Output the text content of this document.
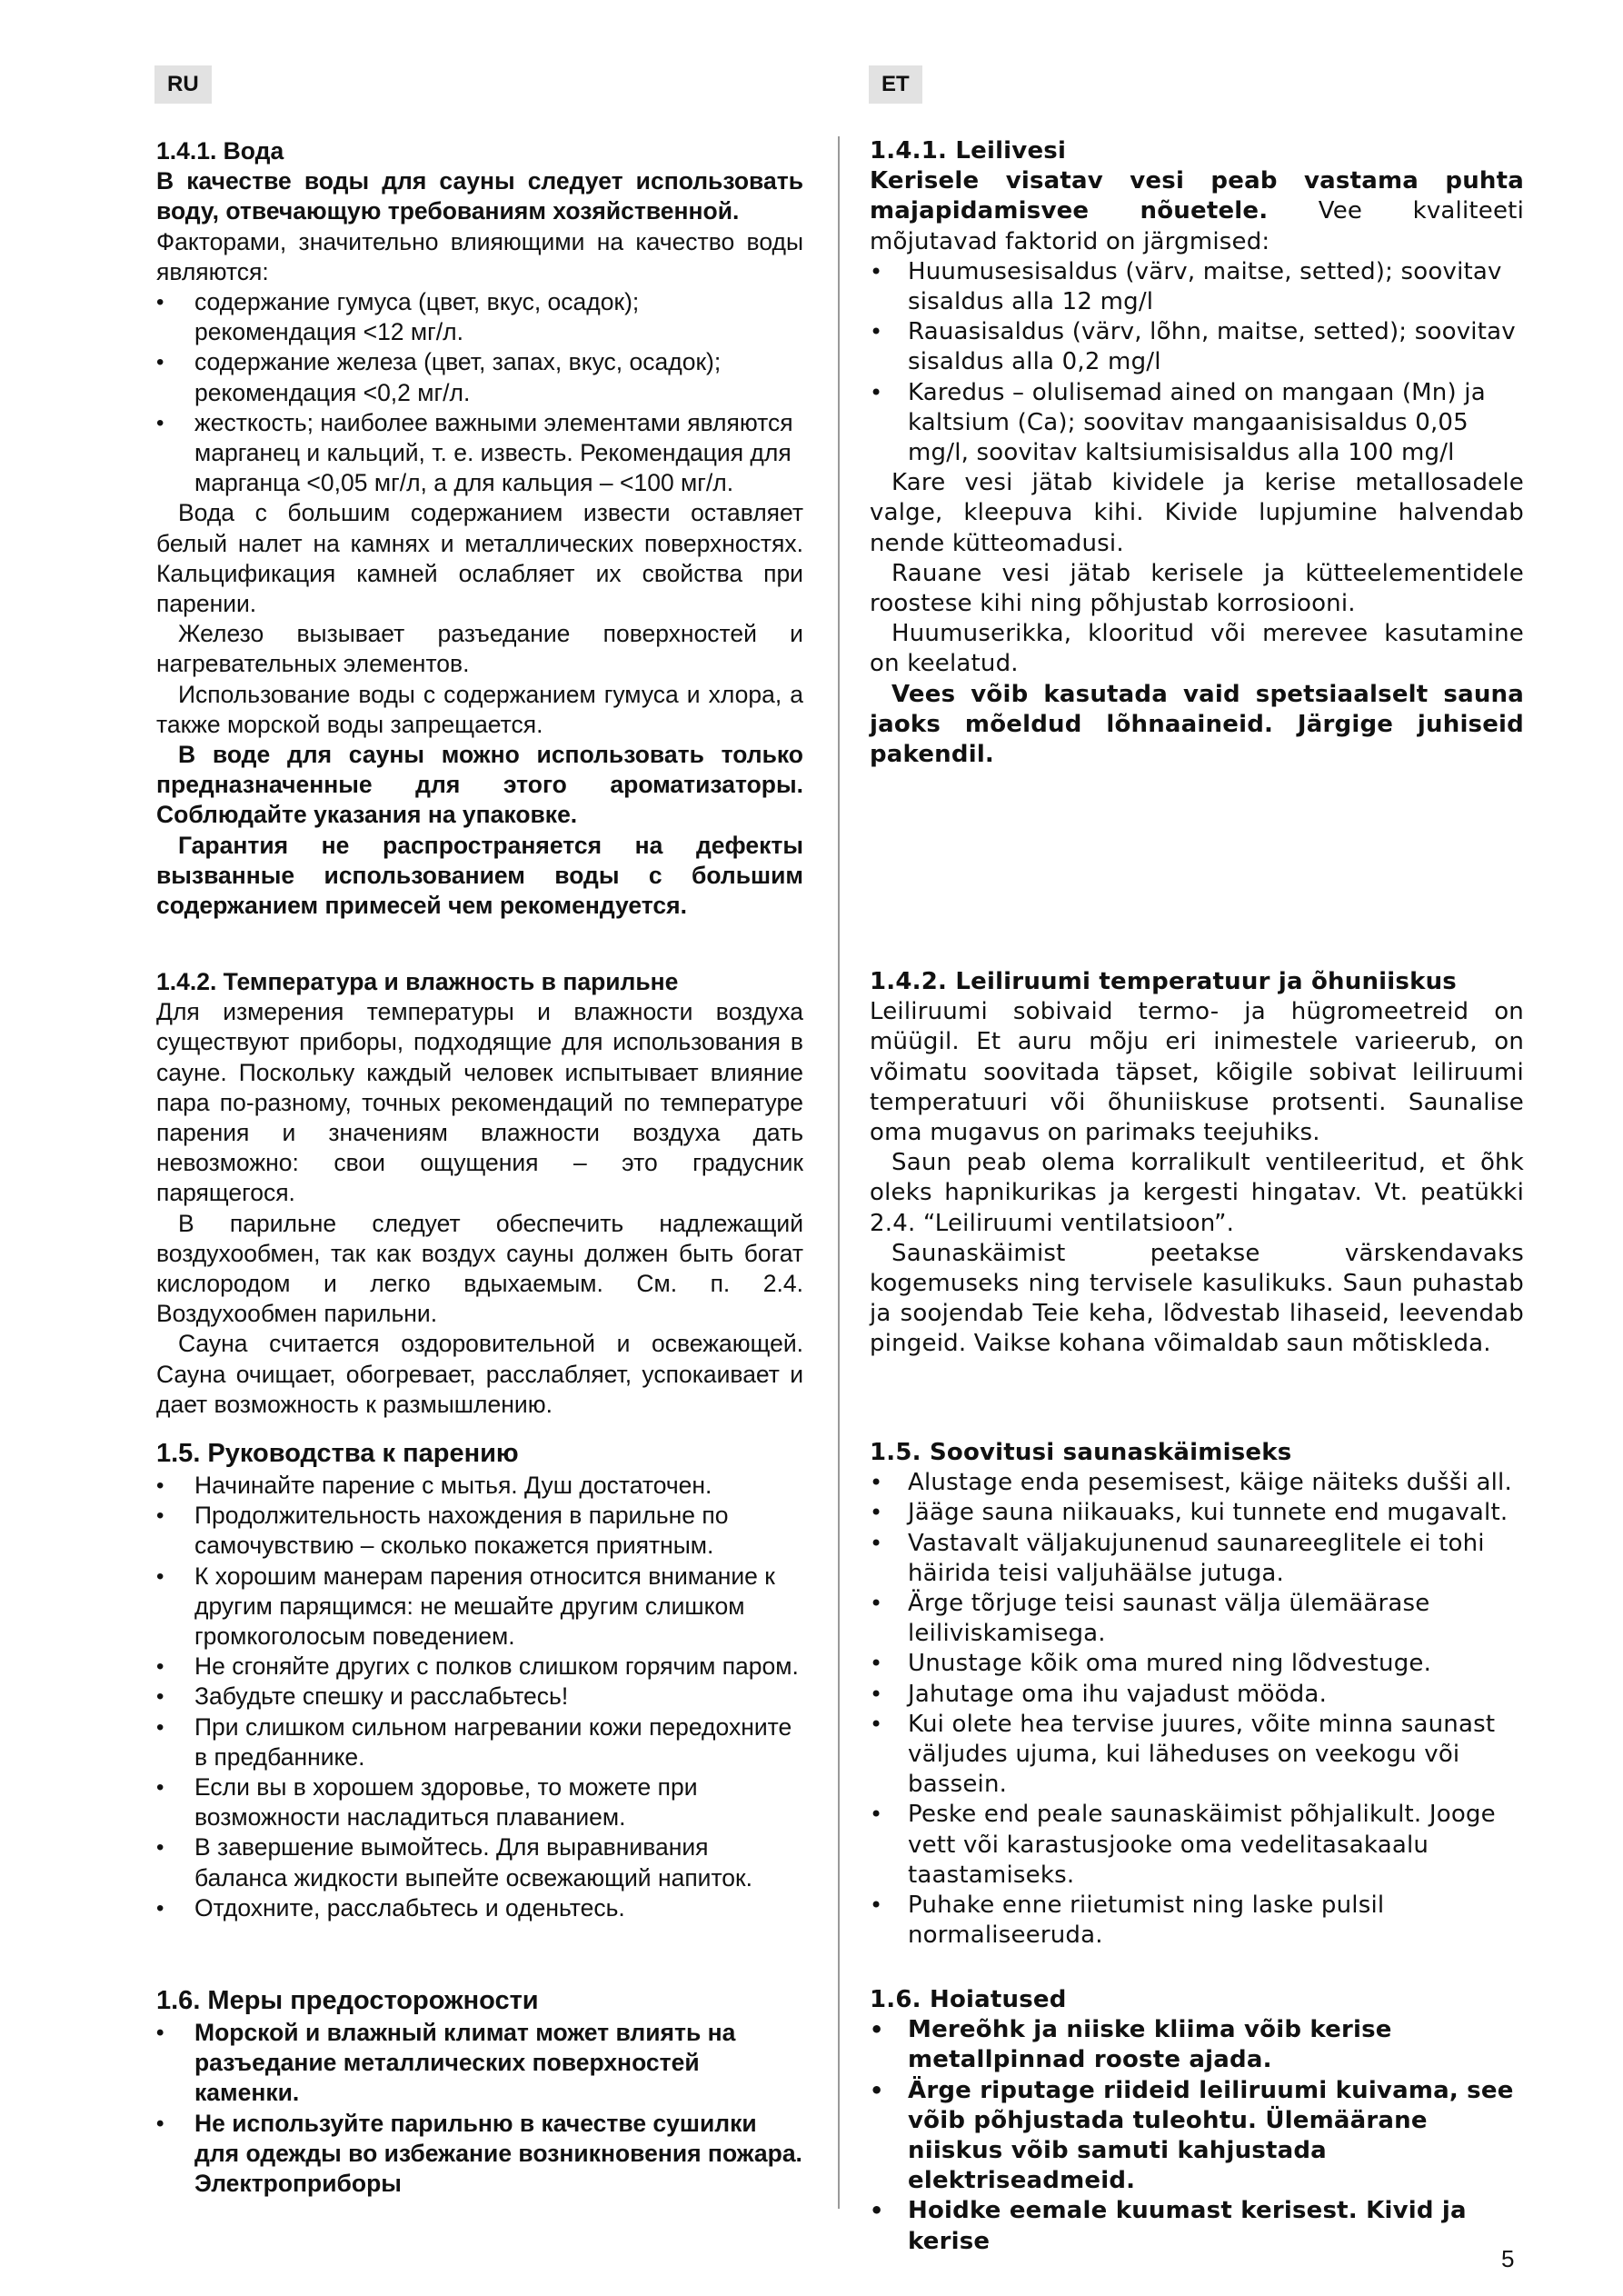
RU	ET

1.4.1. Вода

В качестве воды для сауны следует использовать воду, отвечающую требованиям хозяйственной.

Факторами, значительно влияющими на качество воды являются:

• содержание гумуса (цвет, вкус, осадок); рекомендация <12 мг/л.
• содержание железа (цвет, запах, вкус, осадок); рекомендация <0,2 мг/л.
• жесткость; наиболее важными элементами являются марганец и кальций, т. е. известь. Рекомендация для марганца <0,05 мг/л, а для кальция – <100 мг/л.

Вода с большим содержанием извести оставляет белый налет на камнях и металлических поверхностях. Кальцификация камней ослабляет их свойства при парении.

Железо вызывает разъедание поверхностей и нагревательных элементов.

Использование воды с содержанием гумуса и хлора, а также морской воды запрещается.

В воде для сауны можно использовать только предназначенные для этого ароматизаторы. Соблюдайте указания на упаковке.

Гарантия не распространяется на дефекты вызванные использованием воды с большим содержанием примесей чем рекомендуется.

1.4.2. Температура и влажность в парильне

Для измерения температуры и влажности воздуха существуют приборы, подходящие для использования в сауне. Поскольку каждый человек испытывает влияние пара по-разному, точных рекомендаций по температуре парения и значениям влажности воздуха дать невозможно: свои ощущения – это градусник парящегося.

В парильне следует обеспечить надлежащий воздухообмен, так как воздух сауны должен быть богат кислородом и легко вдыхаемым. См. п. 2.4. Воздухообмен парильни.

Сауна считается оздоровительной и освежающей. Сауна очищает, обогревает, расслабляет, успокаивает и дает возможность к размышлению.

1.5. Руководства к парению

• Начинайте парение с мытья. Душ достаточен.
• Продолжительность нахождения в парильне по самочувствию – сколько покажется приятным.
• К хорошим манерам парения относится внимание к другим парящимся: не мешайте другим слишком громкоголосым поведением.
• Не сгоняйте других с полков слишком горячим паром.
• Забудьте спешку и расслабьтесь!
• При слишком сильном нагревании кожи передохните в предбаннике.
• Если вы в хорошем здоровье, то можете при возможности насладиться плаванием.
• В завершение вымойтесь. Для выравнивания баланса жидкости выпейте освежающий напиток.
• Отдохните, расслабьтесь и оденьтесь.

1.6. Меры предосторожности

• Морской и влажный климат может влиять на разъедание металлических поверхностей каменки.
• Не используйте парильню в качестве сушилки для одежды во избежание возникновения пожара. Электроприборы

1.4.1. Leilivesi

Kerisele visatav vesi peab vastama puhta majapidamisvee nõuetele. Vee kvaliteeti mõjutavad faktorid on järgmised:

• Huumusesisaldus (värv, maitse, setted); soovitav sisaldus alla 12 mg/l
• Rauasisaldus (värv, lõhn, maitse, setted); soovitav sisaldus alla 0,2 mg/l
• Karedus – olulisemad ained on mangaan (Mn) ja kaltsium (Ca); soovitav mangaanisisaldus 0,05 mg/l, soovitav kaltsiumisisaldus alla 100 mg/l

Kare vesi jätab kividele ja kerise metallosadele valge, kleepuva kihi. Kivide lupjumine halvendab nende kütteomadusi.

Rauane vesi jätab kerisele ja kütteelementidele roostese kihi ning põhjustab korrosiooni.

Huumuserikka, klooritud või merevee kasutamine on keelatud.

Vees võib kasutada vaid spetsiaalselt sauna jaoks mõeldud lõhnaaineid. Järgige juhiseid pakendil.

1.4.2. Leiliruumi temperatuur ja õhuniiskus

Leiliruumi sobivaid termo- ja hügromeetreid on müügil. Et auru mõju eri inimestele varieerub, on võimatu soovitada täpset, kõigile sobivat leiliruumi temperatuuri või õhuniiskuse protsenti. Saunalise oma mugavus on parimaks teejuhiks.

Saun peab olema korralikult ventileeritud, et õhk oleks hapnikurikas ja kergesti hingatav. Vt. peatükki 2.4. “Leiliruumi ventilatsioon”.

Saunaskäimist peetakse värskendavaks kogemuseks ning tervisele kasulikuks. Saun puhastab ja soojendab Teie keha, lõdvestab lihaseid, leevendab pingeid. Vaikse kohana võimaldab saun mõtiskleda.

1.5. Soovitusi saunaskäimiseks

• Alustage enda pesemisest, käige näiteks dušši all.
• Jääge sauna niikauaks, kui tunnete end mugavalt.
• Vastavalt väljakujunenud saunareeglitele ei tohi häirida teisi valjuhäälse jutuga.
• Ärge tõrjuge teisi saunast välja ülemäärase leiliviskamisega.
• Unustage kõik oma mured ning lõdvestuge.
• Jahutage oma ihu vajadust mööda.
• Kui olete hea tervise juures, võite minna saunast väljudes ujuma, kui läheduses on veekogu või bassein.
• Peske end peale saunaskäimist põhjalikult. Jooge vett või karastusjooke oma vedelitasakaalu taastamiseks.
• Puhake enne riietumist ning laske pulsil normaliseeruda.

1.6. Hoiatused

• Mereõhk ja niiske kliima võib kerise metallpinnad rooste ajada.
• Ärge riputage riideid leiliruumi kuivama, see võib põhjustada tuleohtu. Ülemäärane niiskus võib samuti kahjustada elektriseadmeid.
• Hoidke eemale kuumast kerisest. Kivid ja kerise
5
